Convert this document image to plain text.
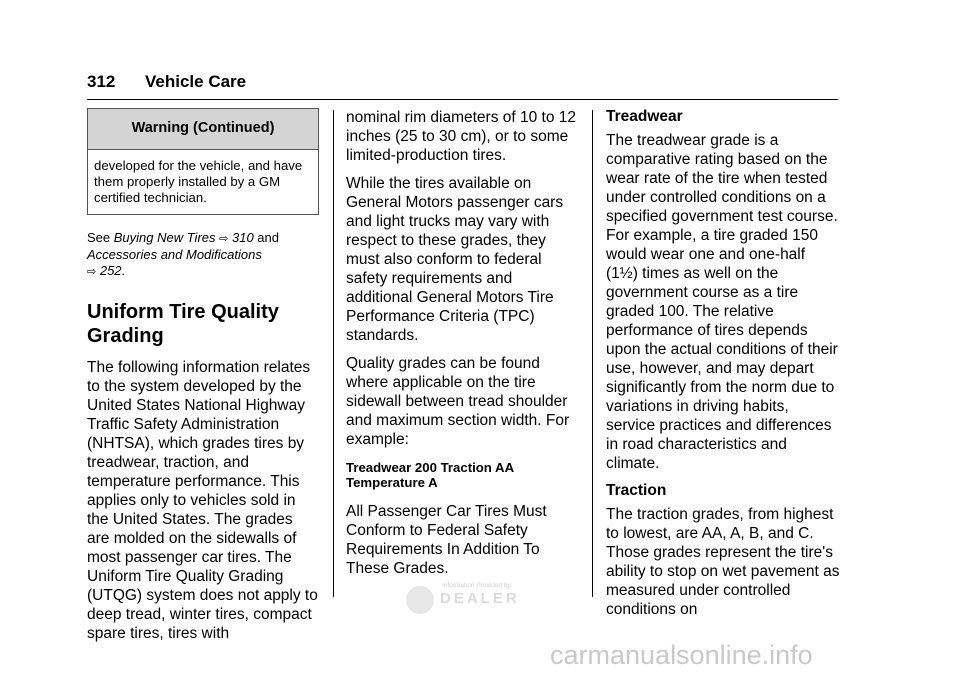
312 Vehicle Care
Warning (Continued)
developed for the vehicle, and have them properly installed by a GM certified technician.
See Buying New Tires ⇨ 310 and Accessories and Modifications
⇨ 252.
Uniform Tire Quality Grading

The following information relates to the system developed by the United States National Highway Traffic Safety Administration (NHTSA), which grades tires by treadwear, traction, and temperature performance. This applies only to vehicles sold in the United States. The grades are molded on the sidewalls of most passenger car tires. The Uniform Tire Quality Grading (UTQG) system does not apply to deep tread, winter tires, compact spare tires, tires with

nominal rim diameters of 10 to 12 inches (25 to 30 cm), or to some limited-production tires.

While the tires available on General Motors passenger cars and light trucks may vary with respect to these grades, they must also conform to federal safety requirements and additional General Motors Tire Performance Criteria (TPC) standards.

Quality grades can be found where applicable on the tire sidewall between tread shoulder and maximum section width. For example:

Treadwear 200 Traction AA Temperature A

All Passenger Car Tires Must Conform to Federal Safety Requirements In Addition To These Grades.

Treadwear

The treadwear grade is a comparative rating based on the wear rate of the tire when tested under controlled conditions on a specified government test course. For example, a tire graded 150 would wear one and one-half (1½) times as well on the government course as a tire graded 100. The relative performance of tires depends upon the actual conditions of their use, however, and may depart significantly from the norm due to variations in driving habits, service practices and differences in road characteristics and climate.

Traction

The traction grades, from highest to lowest, are AA, A, B, and C. Those grades represent the tire's ability to stop on wet pavement as measured under controlled conditions on

Information Provided by:
DEALER
carmanualsonline.info
